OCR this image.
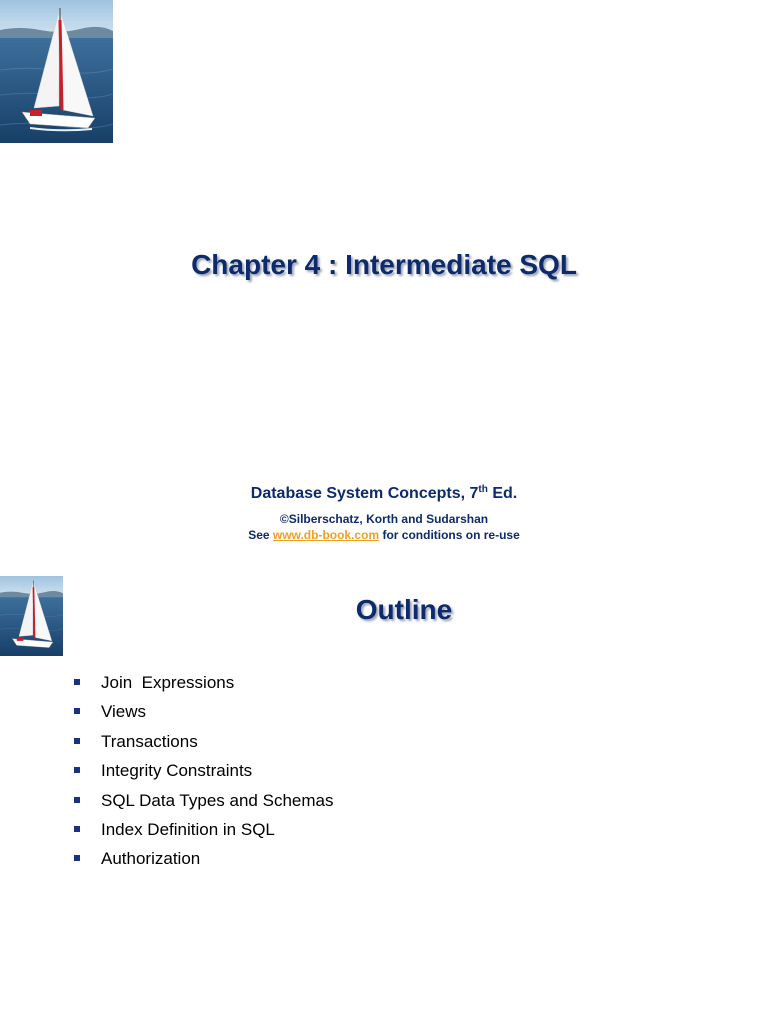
Chapter 4 : Intermediate SQL
Database System Concepts, 7th Ed.
©Silberschatz, Korth and Sudarshan
See www.db-book.com for conditions on re-use
Outline
Join  Expressions
Views
Transactions
Integrity Constraints
SQL Data Types and Schemas
Index Definition in SQL
Authorization
